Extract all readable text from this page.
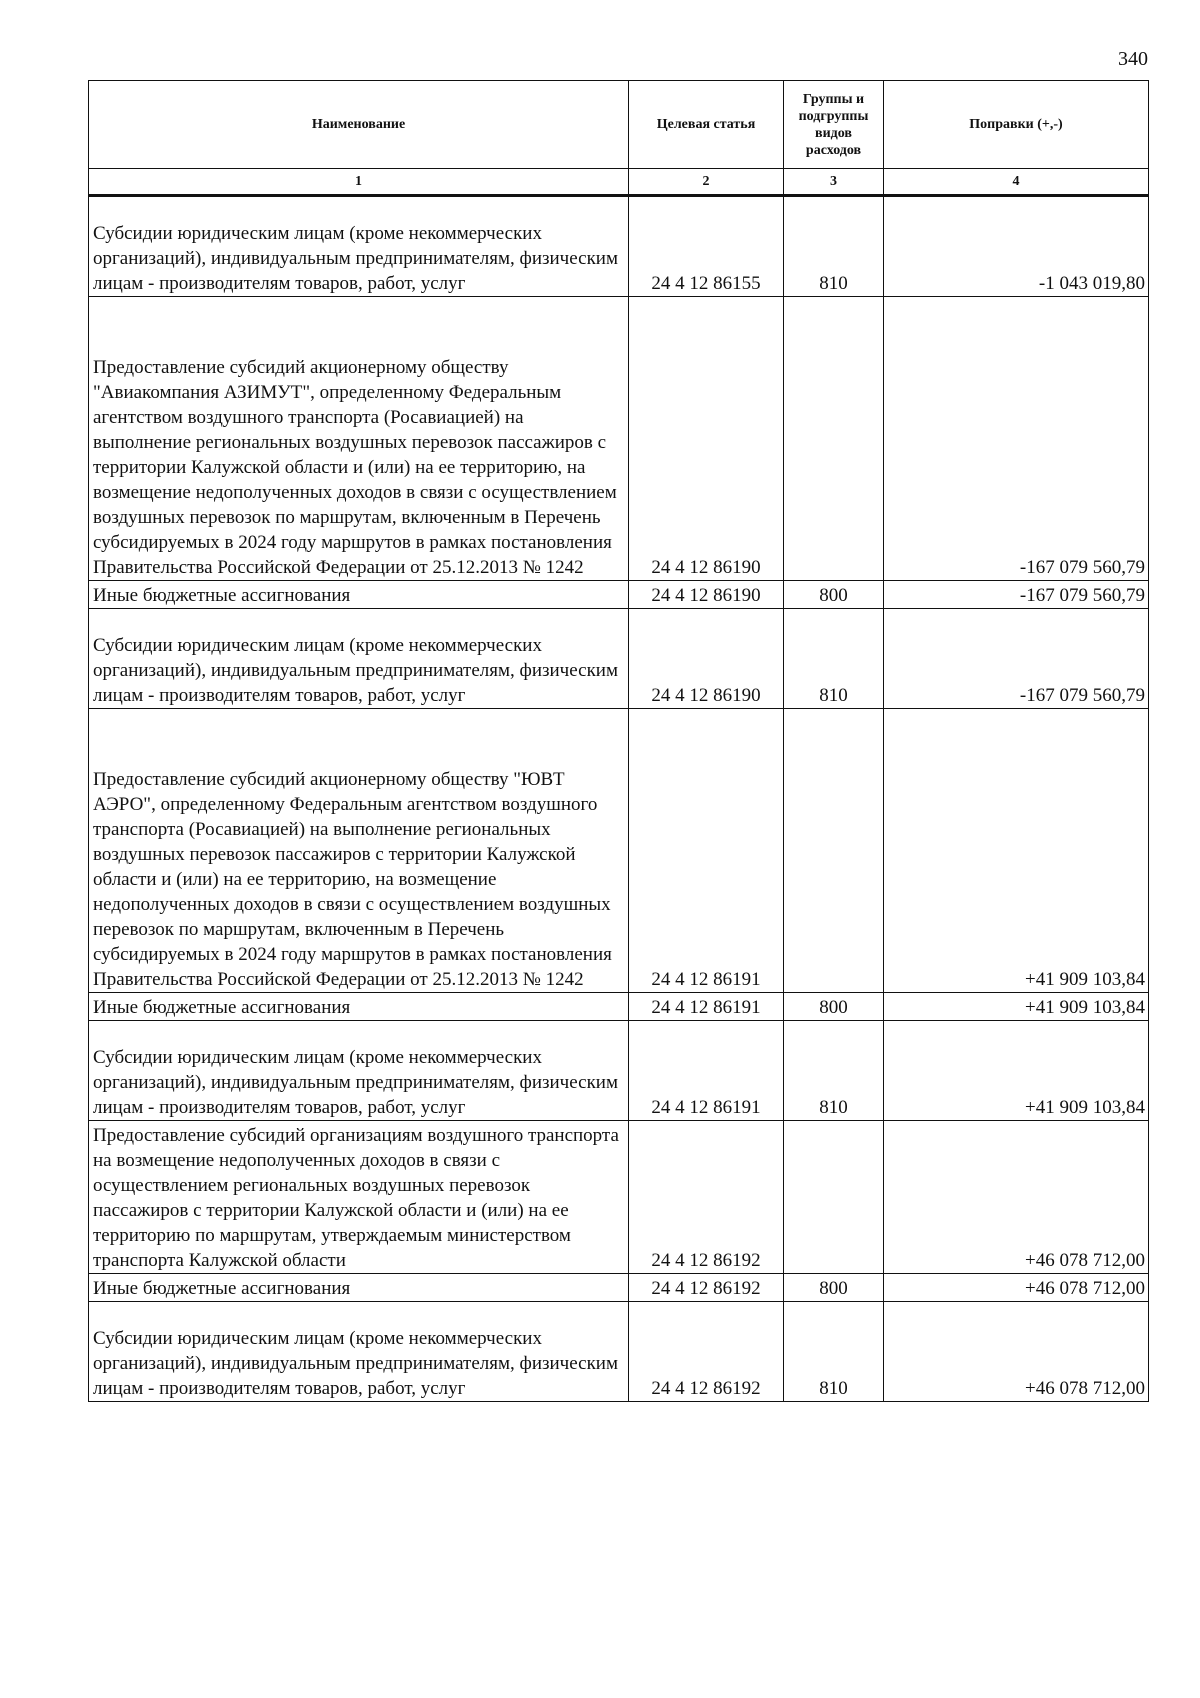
340
Наименование	Целевая статья	Группы и подгруппы видов расходов	Поправки (+,-)
1	2	3	4
Субсидии юридическим лицам (кроме некоммерческих организаций), индивидуальным предпринимателям, физическим лицам - производителям товаров, работ, услуг	24 4 12 86155	810	-1 043 019,80
Предоставление субсидий акционерному обществу "Авиакомпания АЗИМУТ", определенному Федеральным агентством воздушного транспорта (Росавиацией) на выполнение региональных воздушных перевозок пассажиров с территории Калужской области и (или) на ее территорию, на возмещение недополученных доходов в связи с осуществлением воздушных перевозок по маршрутам, включенным в Перечень субсидируемых в 2024 году маршрутов в рамках постановления Правительства Российской Федерации от 25.12.2013 № 1242	24 4 12 86190		-167 079 560,79
Иные бюджетные ассигнования	24 4 12 86190	800	-167 079 560,79
Субсидии юридическим лицам (кроме некоммерческих организаций), индивидуальным предпринимателям, физическим лицам - производителям товаров, работ, услуг	24 4 12 86190	810	-167 079 560,79
Предоставление субсидий акционерному обществу "ЮВТ АЭРО", определенному Федеральным агентством воздушного транспорта (Росавиацией) на выполнение региональных воздушных перевозок пассажиров с территории Калужской области и (или) на ее территорию, на возмещение недополученных доходов в связи с осуществлением воздушных перевозок по маршрутам, включенным в Перечень субсидируемых в 2024 году маршрутов в рамках постановления Правительства Российской Федерации от 25.12.2013 № 1242	24 4 12 86191		+41 909 103,84
Иные бюджетные ассигнования	24 4 12 86191	800	+41 909 103,84
Субсидии юридическим лицам (кроме некоммерческих организаций), индивидуальным предпринимателям, физическим лицам - производителям товаров, работ, услуг	24 4 12 86191	810	+41 909 103,84
Предоставление субсидий организациям воздушного транспорта на возмещение недополученных доходов в связи с осуществлением региональных воздушных перевозок пассажиров с территории Калужской области и (или) на ее территорию по маршрутам, утверждаемым министерством транспорта Калужской области	24 4 12 86192		+46 078 712,00
Иные бюджетные ассигнования	24 4 12 86192	800	+46 078 712,00
Субсидии юридическим лицам (кроме некоммерческих организаций), индивидуальным предпринимателям, физическим лицам - производителям товаров, работ, услуг	24 4 12 86192	810	+46 078 712,00
